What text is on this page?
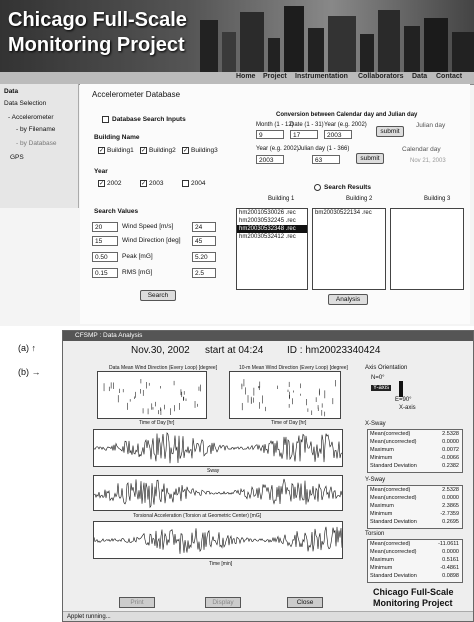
Chicago Full-Scale
Monitoring Project
Home Project Instrumentation Collaborators Data Contact
Data
Data Selection
- Accelerometer
- by Filename
- by Database
GPS
Accelerometer Database
Database Search Inputs
Building Name
✓ Building1 ✓ Building2 ✓ Building3
Year
✓ 2002	✓ 2003	2004
Search Values
20	Wind Speed [m/s]	24
15	Wind Direction [deg]	45
0.50	Peak [mG]	5.20
0.15	RMS [mG]	2.5
Search
Conversion between Calendar day and Julian day
Month (1 - 12)
Date (1 - 31) Year (e.g. 2002)
9	17	2003
submit
Julian day
Year (e.g. 2002) Julian day (1 - 366)
2003	63	submit
Calendar day
Nov 21, 2003
Search Results
Building 1	Building 2	Building 3
hm20010530026 .rec
hm20030532245 .rec
hm20030532348 .rec
hm20030532412 .rec
bm20030522134 .rec
Analysis
(a) ↑
(b) →
CFSMP : Data Analysis
Nov.30, 2002 start at 04:24 ID : hm20023340424
Data Mean Wind Direction (Every Loop) [degree]
Time of Day [hr]
10-m Mean Wind Direction (Every Loop) [degree]
Time of Day [hr]
Sway
Torsional Acceleration (Torsion at Geometric Center) [mG]
Time [min]
Axis Orientation
N=0°
Y-axis
E=90°
X-axis
X-Sway
Mean(corrected)	2.5328
Mean(uncorrected)	0.0000
Maximum	0.0072
Minimum	-0.0066
Standard Deviation	0.2382
Y-Sway
Mean(corrected)	2.5328
Mean(uncorrected)	0.0000
Maximum	2.3865
Minimum	-2.7359
Standard Deviation	0.2695
Torsion
Mean(corrected)	-11.0611
Mean(uncorrected)	0.0000
Maximum	0.5161
Minimum	-0.4861
Standard Deviation	0.0898
Chicago Full-Scale
Monitoring Project
Print	Display	Close
Applet running...
